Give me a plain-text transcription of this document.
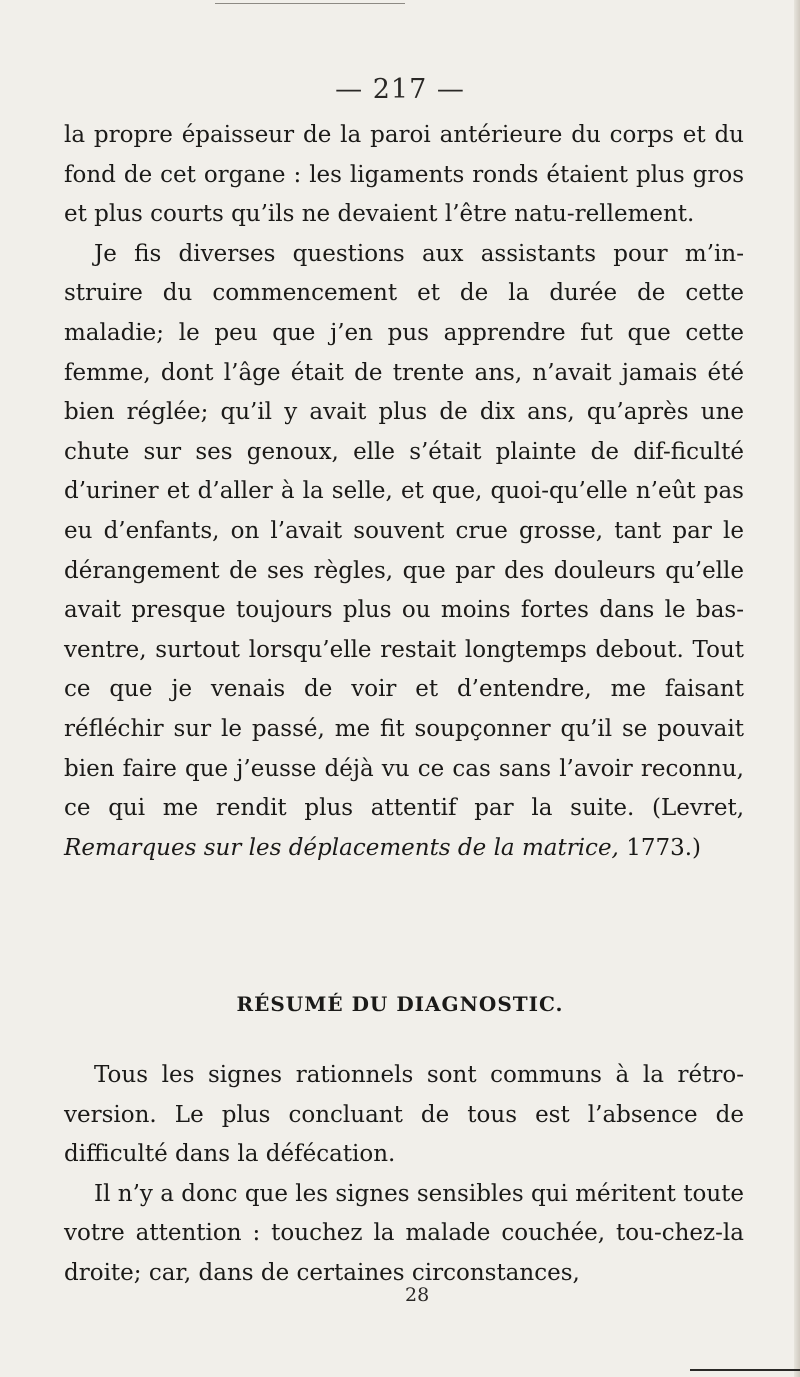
— 217 —

la propre épaisseur de la paroi antérieure du corps et du fond de cet organe : les ligaments ronds étaient plus gros et plus courts qu’ils ne devaient l’être natu-rellement.

Je fis diverses questions aux assistants pour m’in-struire du commencement et de la durée de cette maladie; le peu que j’en pus apprendre fut que cette femme, dont l’âge était de trente ans, n’avait jamais été bien réglée; qu’il y avait plus de dix ans, qu’après une chute sur ses genoux, elle s’était plainte de dif-ficulté d’uriner et d’aller à la selle, et que, quoi-qu’elle n’eût pas eu d’enfants, on l’avait souvent crue grosse, tant par le dérangement de ses règles, que par des douleurs qu’elle avait presque toujours plus ou moins fortes dans le bas-ventre, surtout lorsqu’elle restait longtemps debout. Tout ce que je venais de voir et d’entendre, me faisant réfléchir sur le passé, me fit soupçonner qu’il se pouvait bien faire que j’eusse déjà vu ce cas sans l’avoir reconnu, ce qui me rendit plus attentif par la suite. (Levret, Remarques sur les déplacements de la matrice, 1773.)

RÉSUMÉ DU DIAGNOSTIC.

Tous les signes rationnels sont communs à la rétro-version. Le plus concluant de tous est l’absence de difficulté dans la défécation.

Il n’y a donc que les signes sensibles qui méritent toute votre attention : touchez la malade couchée, tou-chez-la droite; car, dans de certaines circonstances,

28
